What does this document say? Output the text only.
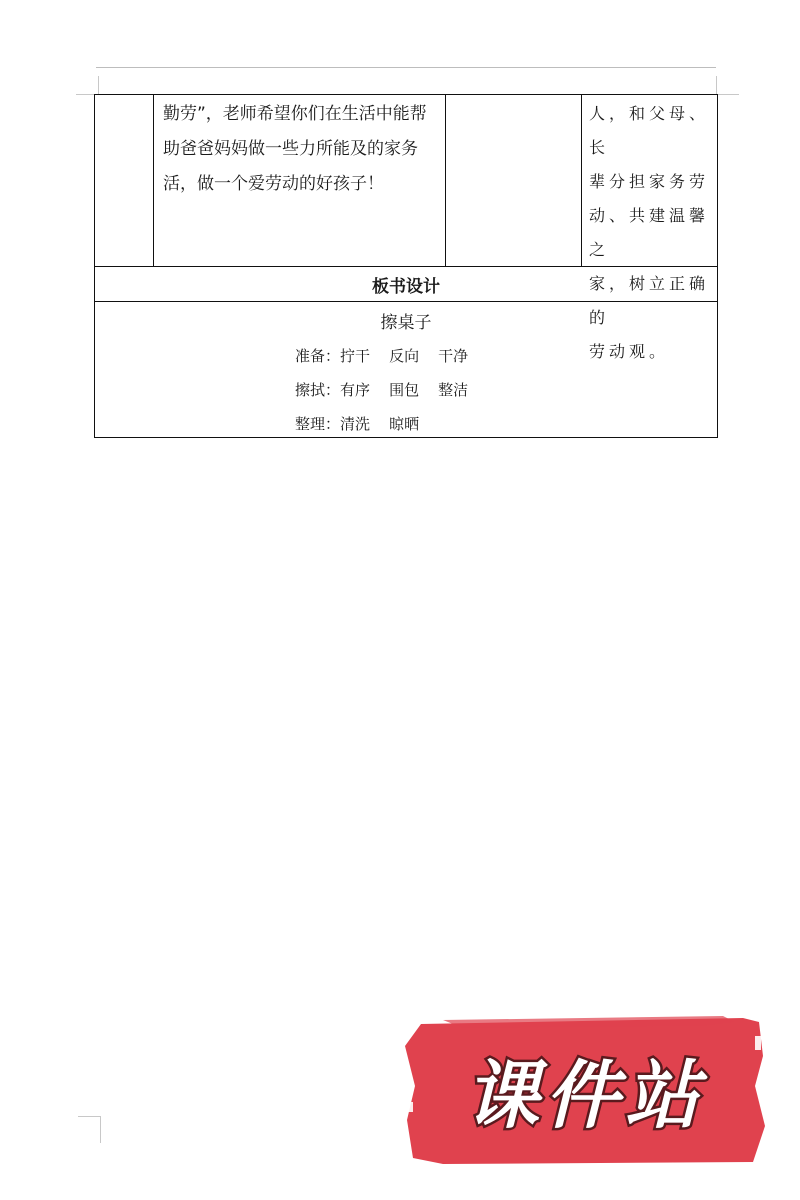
勤劳”，老师希望你们在生活中能帮
助爸爸妈妈做一些力所能及的家务
活，做一个爱劳动的好孩子！
人，和父母、长
辈分担家务劳
动、共建温馨之
家，树立正确的
劳动观。
板书设计
擦桌子
准备：拧干    反向    干净
擦拭：有序    围包    整洁
整理：清洗    晾晒
课件站
